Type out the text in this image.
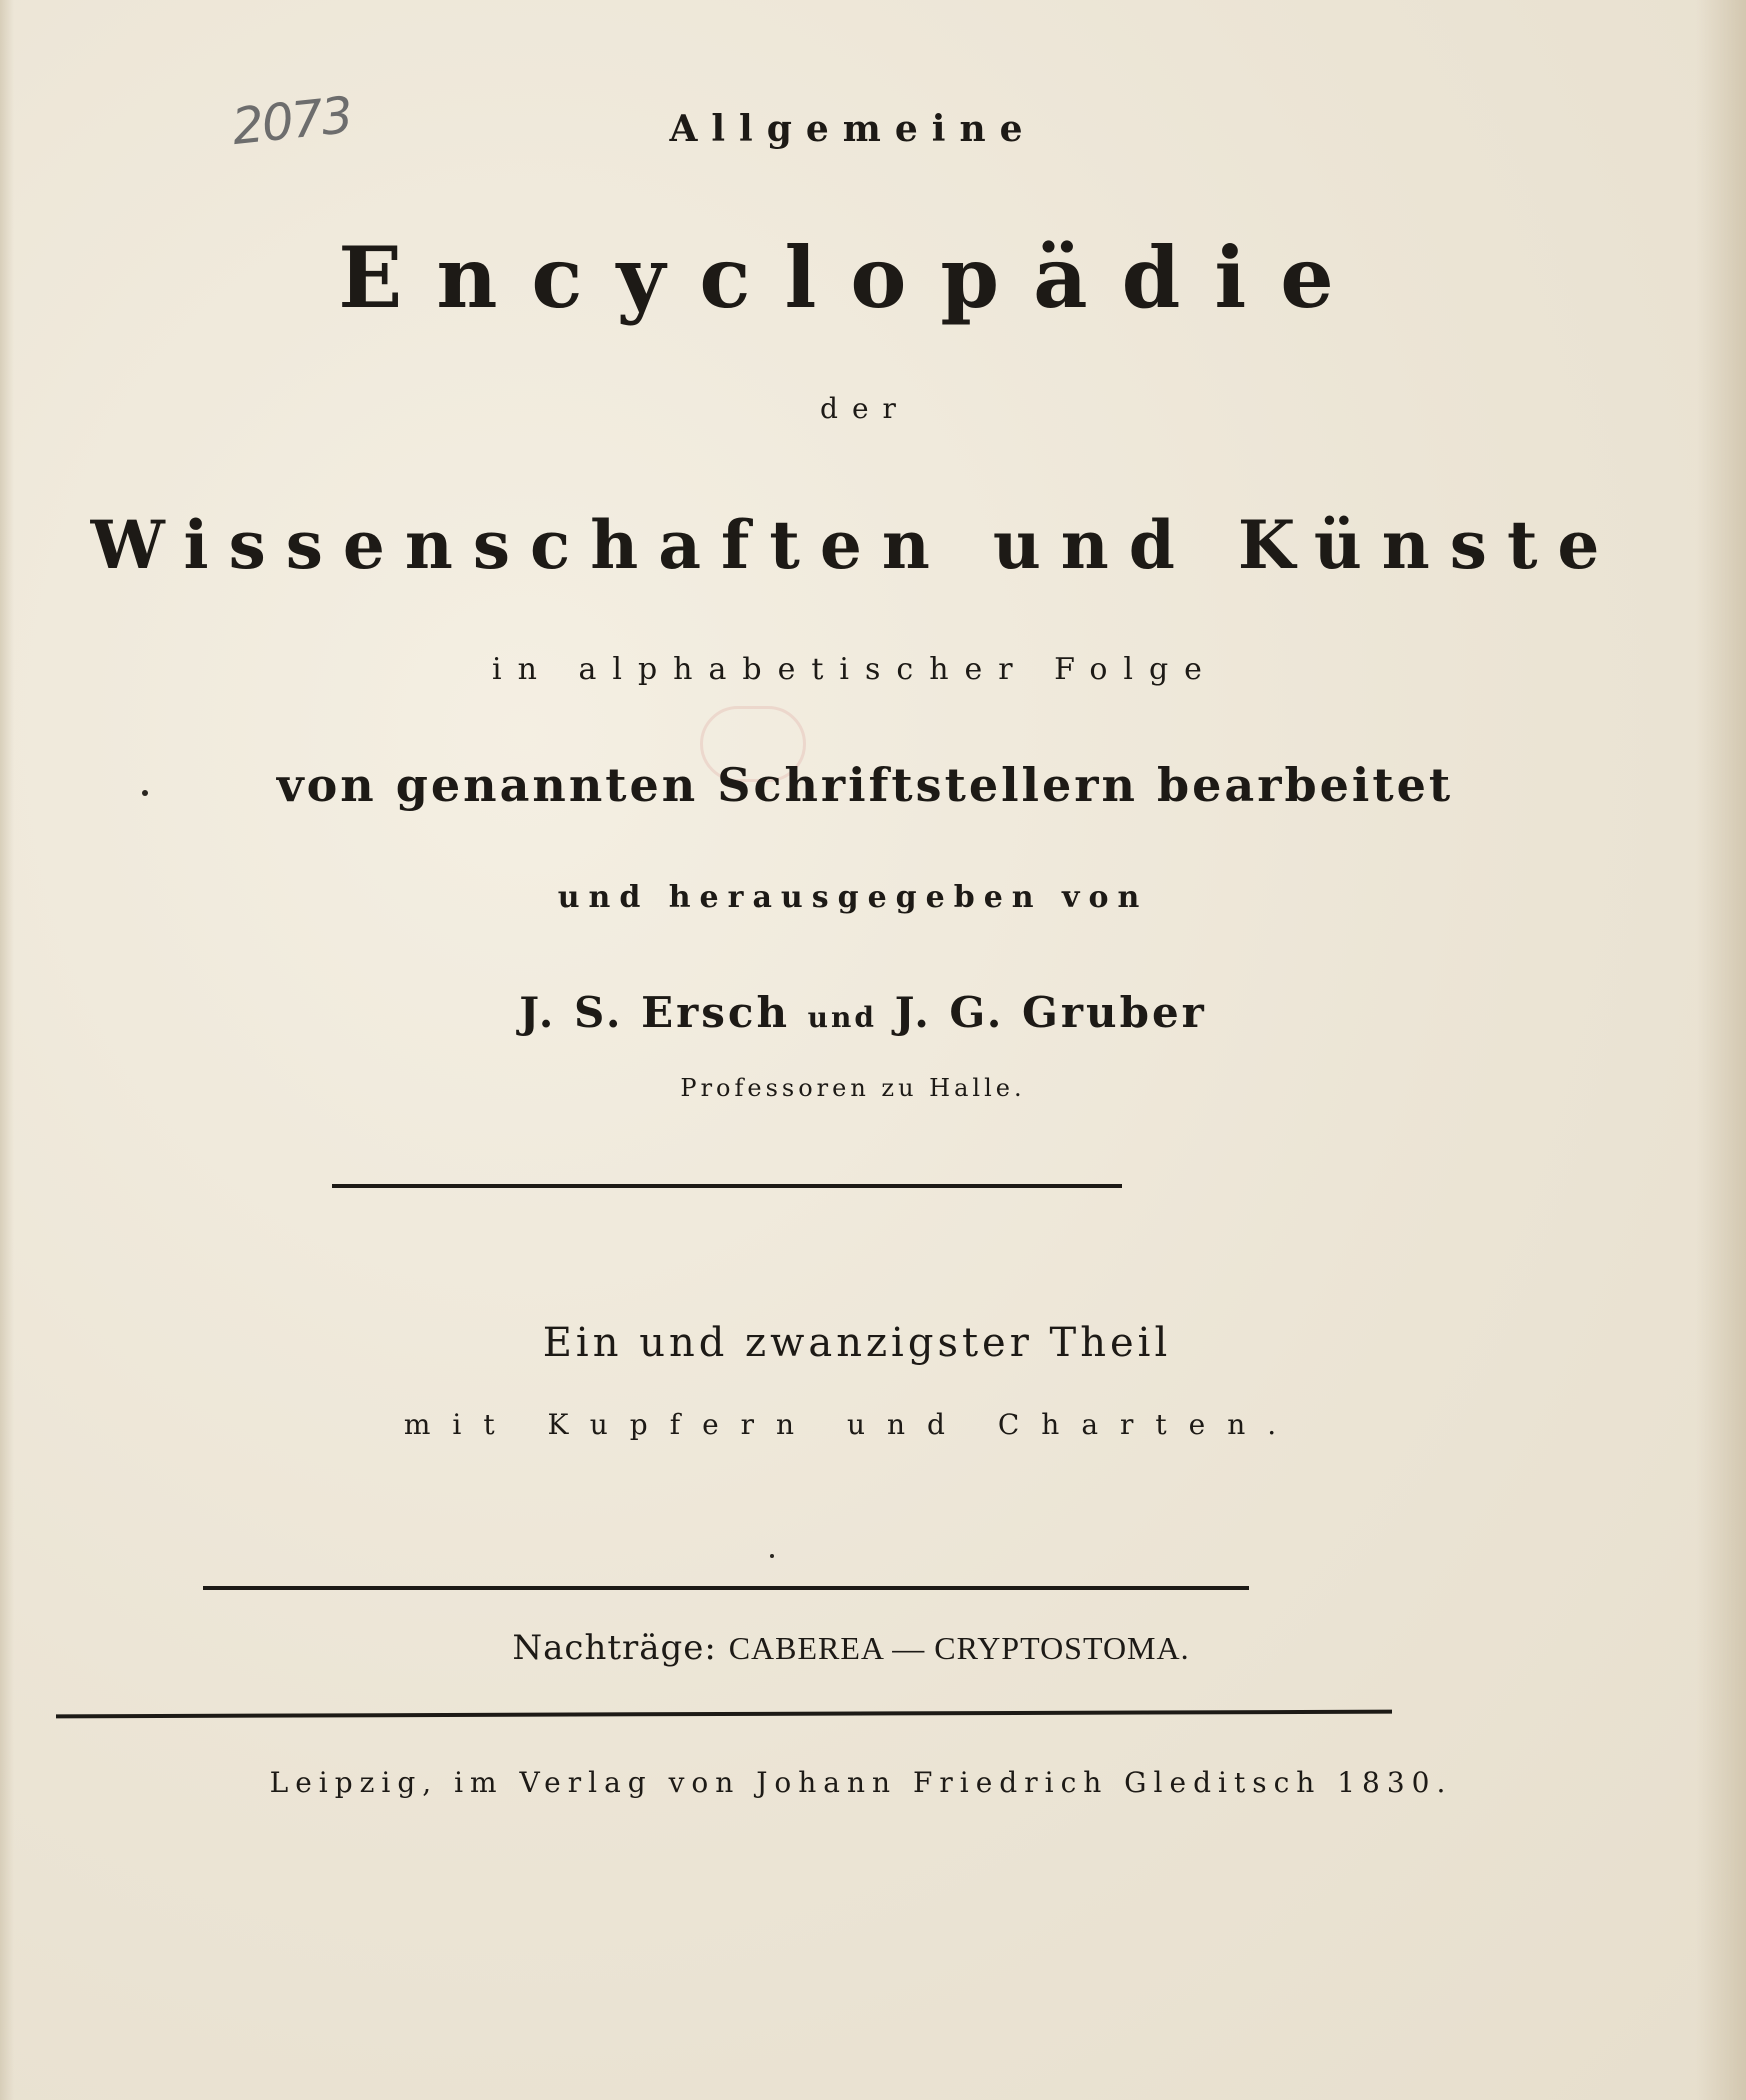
2073	Allgemeine
Encyclopädie
der
Wissenschaften und Künste
in alphabetischer Folge
von genannten Schriftstellern bearbeitet
und herausgegeben von
J. S. Ersch und J. G. Gruber
Professoren zu Halle.
Ein und zwanzigster Theil
mit Kupfern und Charten.
Nachträge: CABEREA — CRYPTOSTOMA.
Leipzig, im Verlag von Johann Friedrich Gleditsch 1830.
